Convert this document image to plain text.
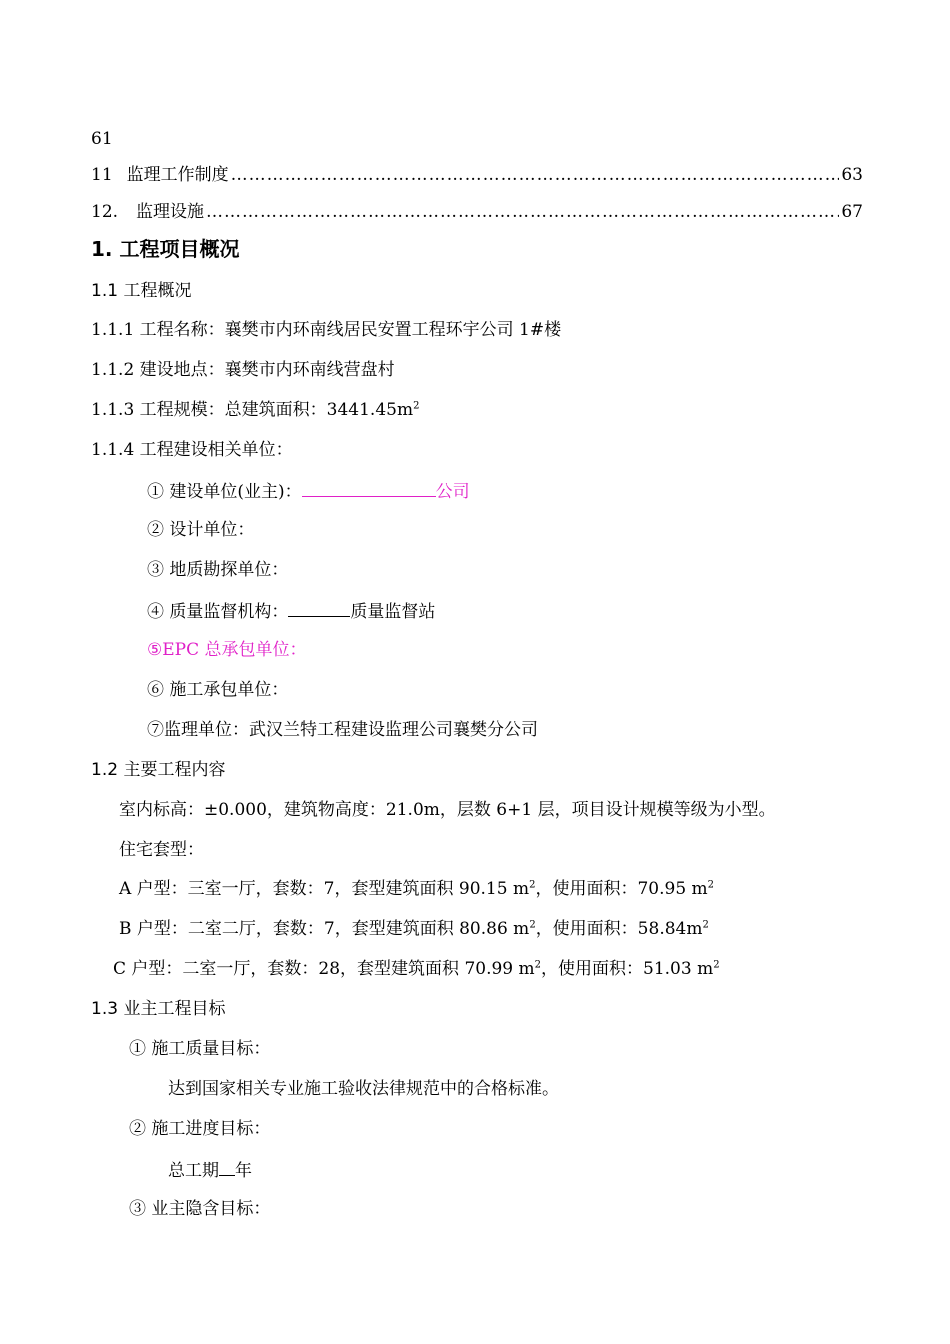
61
11 监理工作制度 …………………………………………………………………………………………………………………………………………………………………………	63
12. 监理设施 …………………………………………………………………………………………………………………………………………………………………………	67
1. 工程项目概况
1.1 工程概况
1.1.1 工程名称：襄樊市内环南线居民安置工程环宇公司 1#楼
1.1.2 建设地点：襄樊市内环南线营盘村
1.1.3 工程规模：总建筑面积：$3441.45m^2$
1.1.4 工程建设相关单位：
① 建设单位(业主)：	公司
② 设计单位：
③ 地质勘探单位：
④ 质量监督机构：	质量监督站
⑤EPC 总承包单位：
⑥ 施工承包单位：
⑦监理单位：武汉兰特工程建设监理公司襄樊分公司
1.2 主要工程内容
室内标高：±0.000，建筑物高度：21.0m，层数 6+1 层，项目设计规模等级为小型。
住宅套型：
A 户型：三室一厅，套数：7，套型建筑面积 90.15 $m^2$，使用面积：70.95 $m^2$
B 户型：二室二厅，套数：7，套型建筑面积 80.86 $m^2$，使用面积：$58.84m^2$
C 户型：二室一厅，套数：28，套型建筑面积 70.99 $m^2$，使用面积：51.03 $m^2$
1.3 业主工程目标
① 施工质量目标：
达到国家相关专业施工验收法律规范中的合格标准。
② 施工进度目标：
总工期 年
③ 业主隐含目标：
